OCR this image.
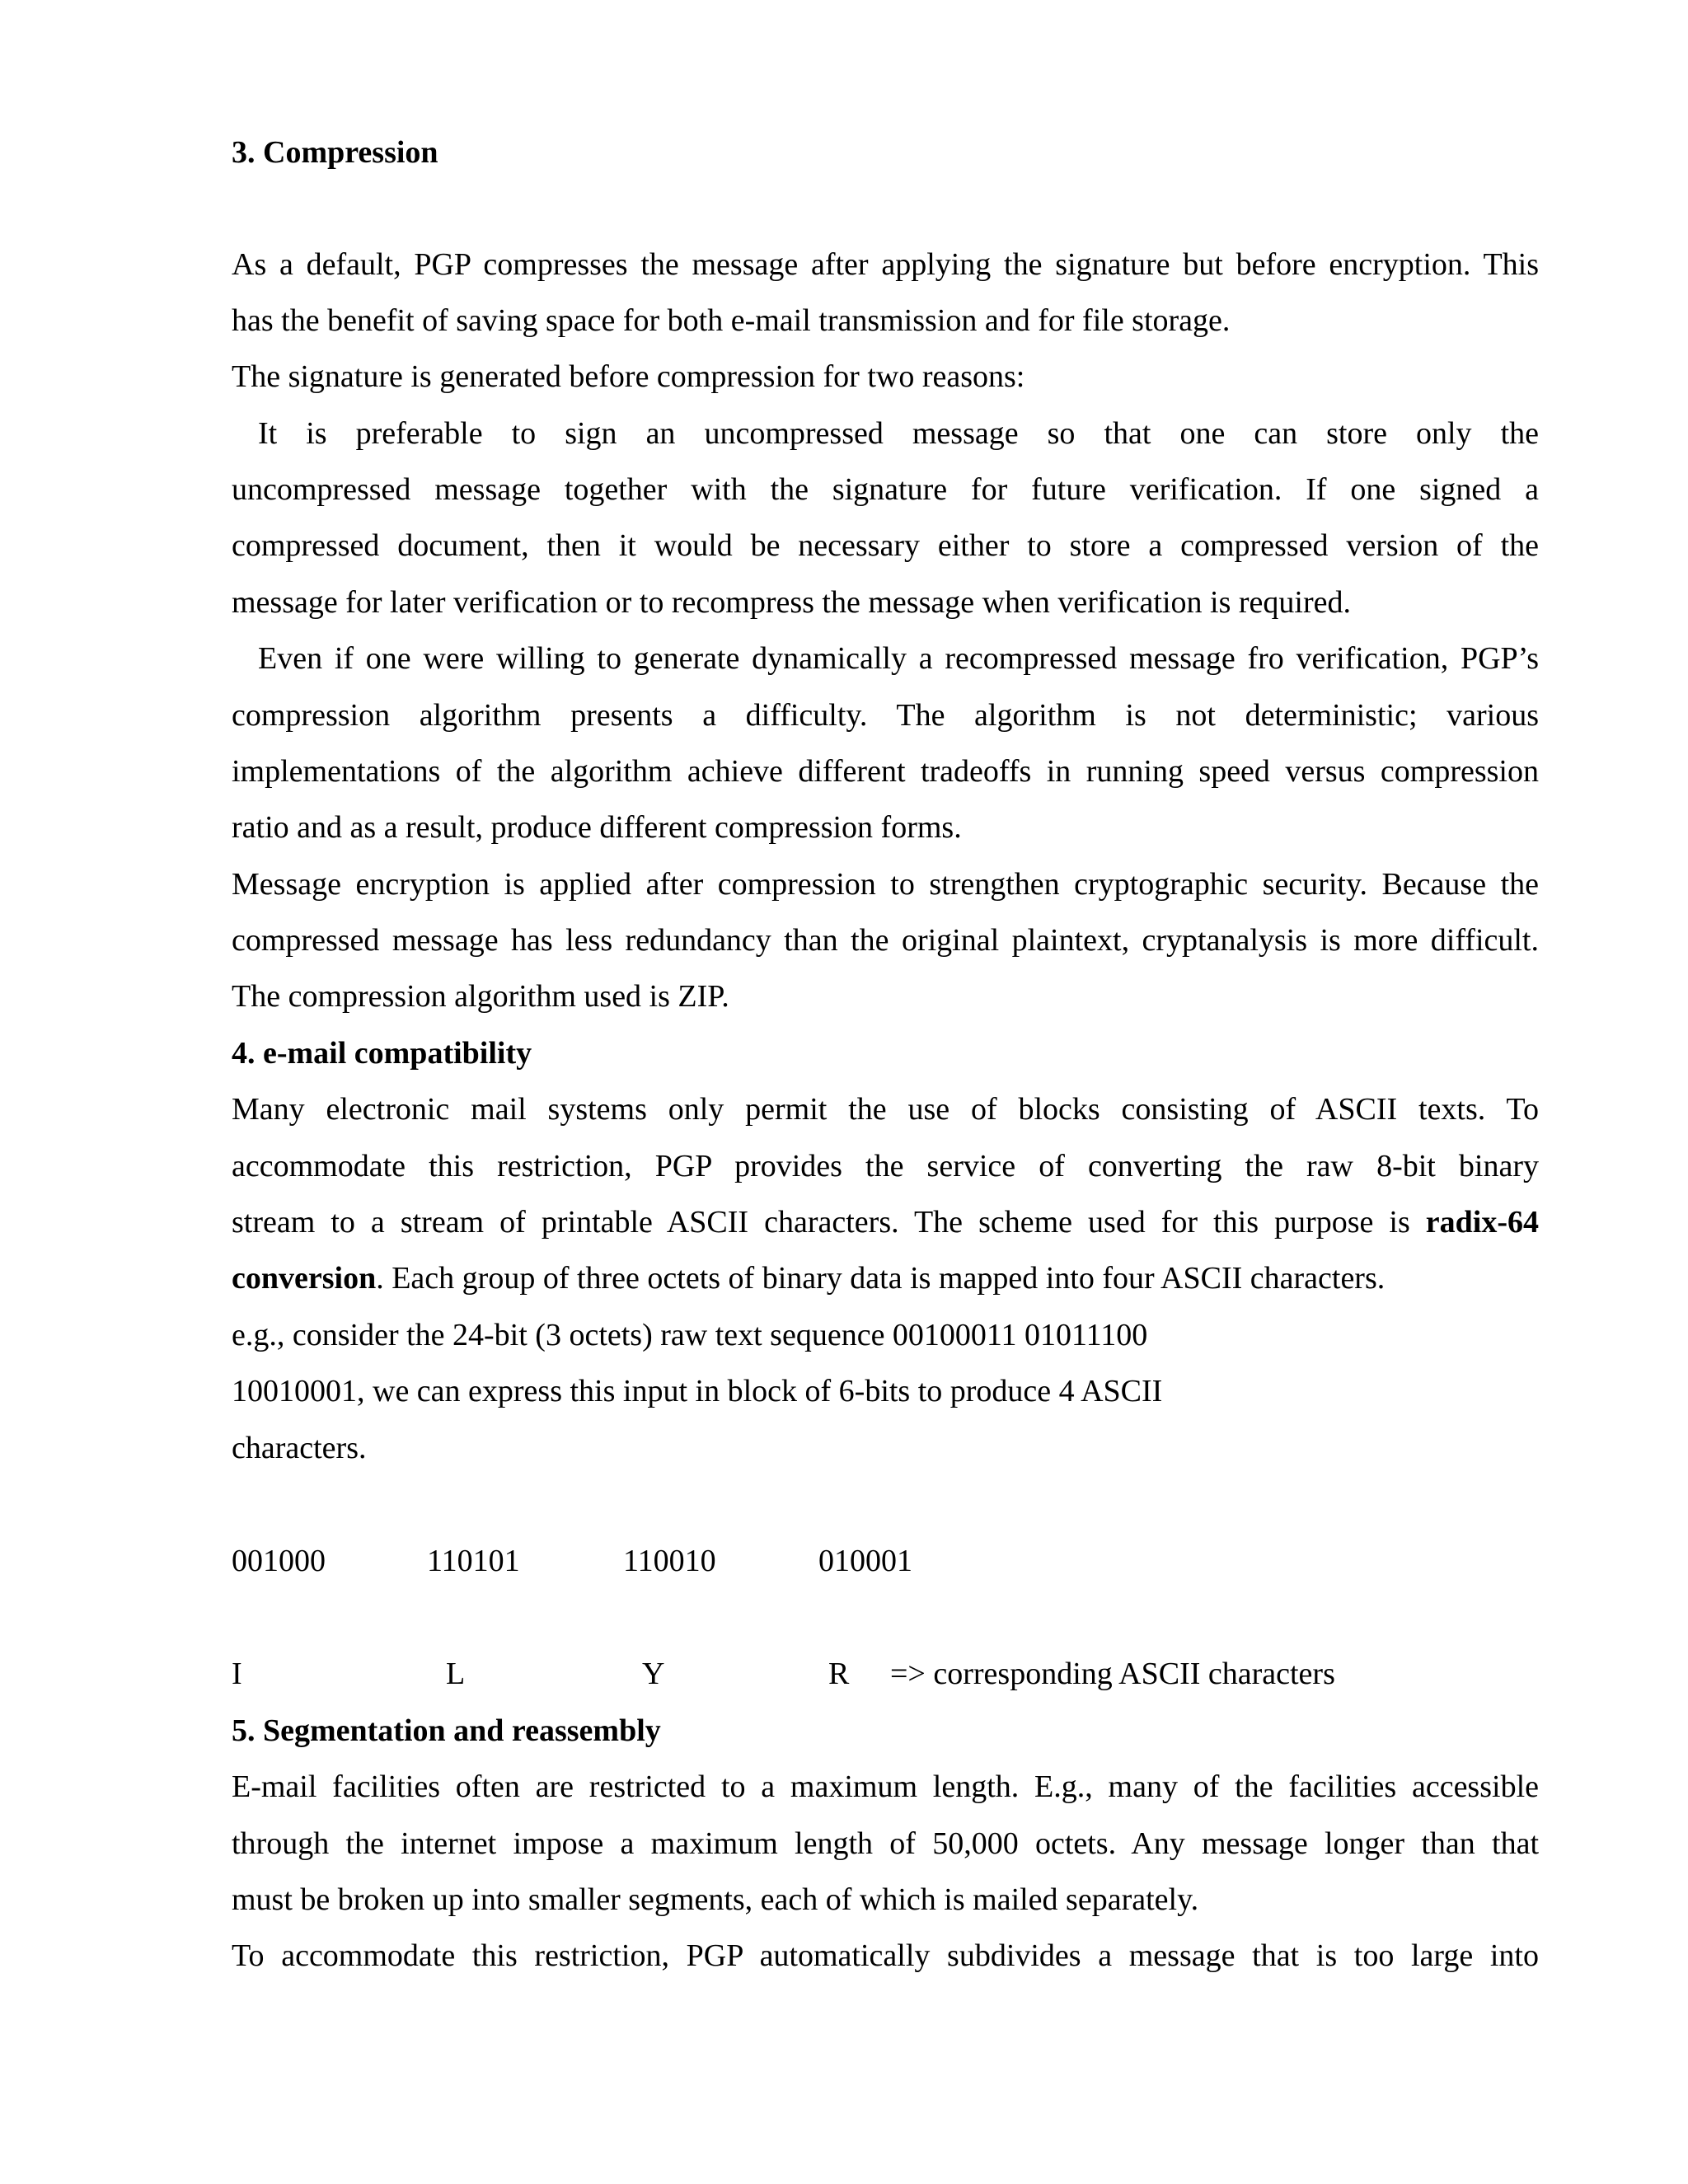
3. Compression
As a default, PGP compresses the message after applying the signature but before encryption. This
has the benefit of saving space for both e-mail transmission and for file storage.
The signature is generated before compression for two reasons:
It is preferable to sign an uncompressed message so that one can store only the
uncompressed message together with the signature for future verification. If one signed a
compressed document, then it would be necessary either to store a compressed version of the
message for later verification or to recompress the message when verification is required.
Even if one were willing to generate dynamically a recompressed message fro verification, PGP’s
compression algorithm presents a difficulty. The algorithm is not deterministic; various
implementations of the algorithm achieve different tradeoffs in running speed versus compression
ratio and as a result, produce different compression forms.
Message encryption is applied after compression to strengthen cryptographic security. Because the
compressed message has less redundancy than the original plaintext, cryptanalysis is more difficult.
The compression algorithm used is ZIP.
4. e-mail compatibility
Many electronic mail systems only permit the use of blocks consisting of ASCII texts. To
accommodate this restriction, PGP provides the service of converting the raw 8-bit binary
stream to a stream of printable ASCII characters. The scheme used for this purpose is radix-64
conversion. Each group of three octets of binary data is mapped into four ASCII characters.
e.g., consider the 24-bit (3 octets) raw text sequence 00100011 01011100
10010001, we can express this input in block of 6-bits to produce 4 ASCII
characters.
001000	110101	110010	010001
I	L	Y	R => corresponding ASCII characters
5. Segmentation and reassembly
E-mail facilities often are restricted to a maximum length. E.g., many of the facilities accessible
through the internet impose a maximum length of 50,000 octets. Any message longer than that
must be broken up into smaller segments, each of which is mailed separately.
To accommodate this restriction, PGP automatically subdivides a message that is too large into
